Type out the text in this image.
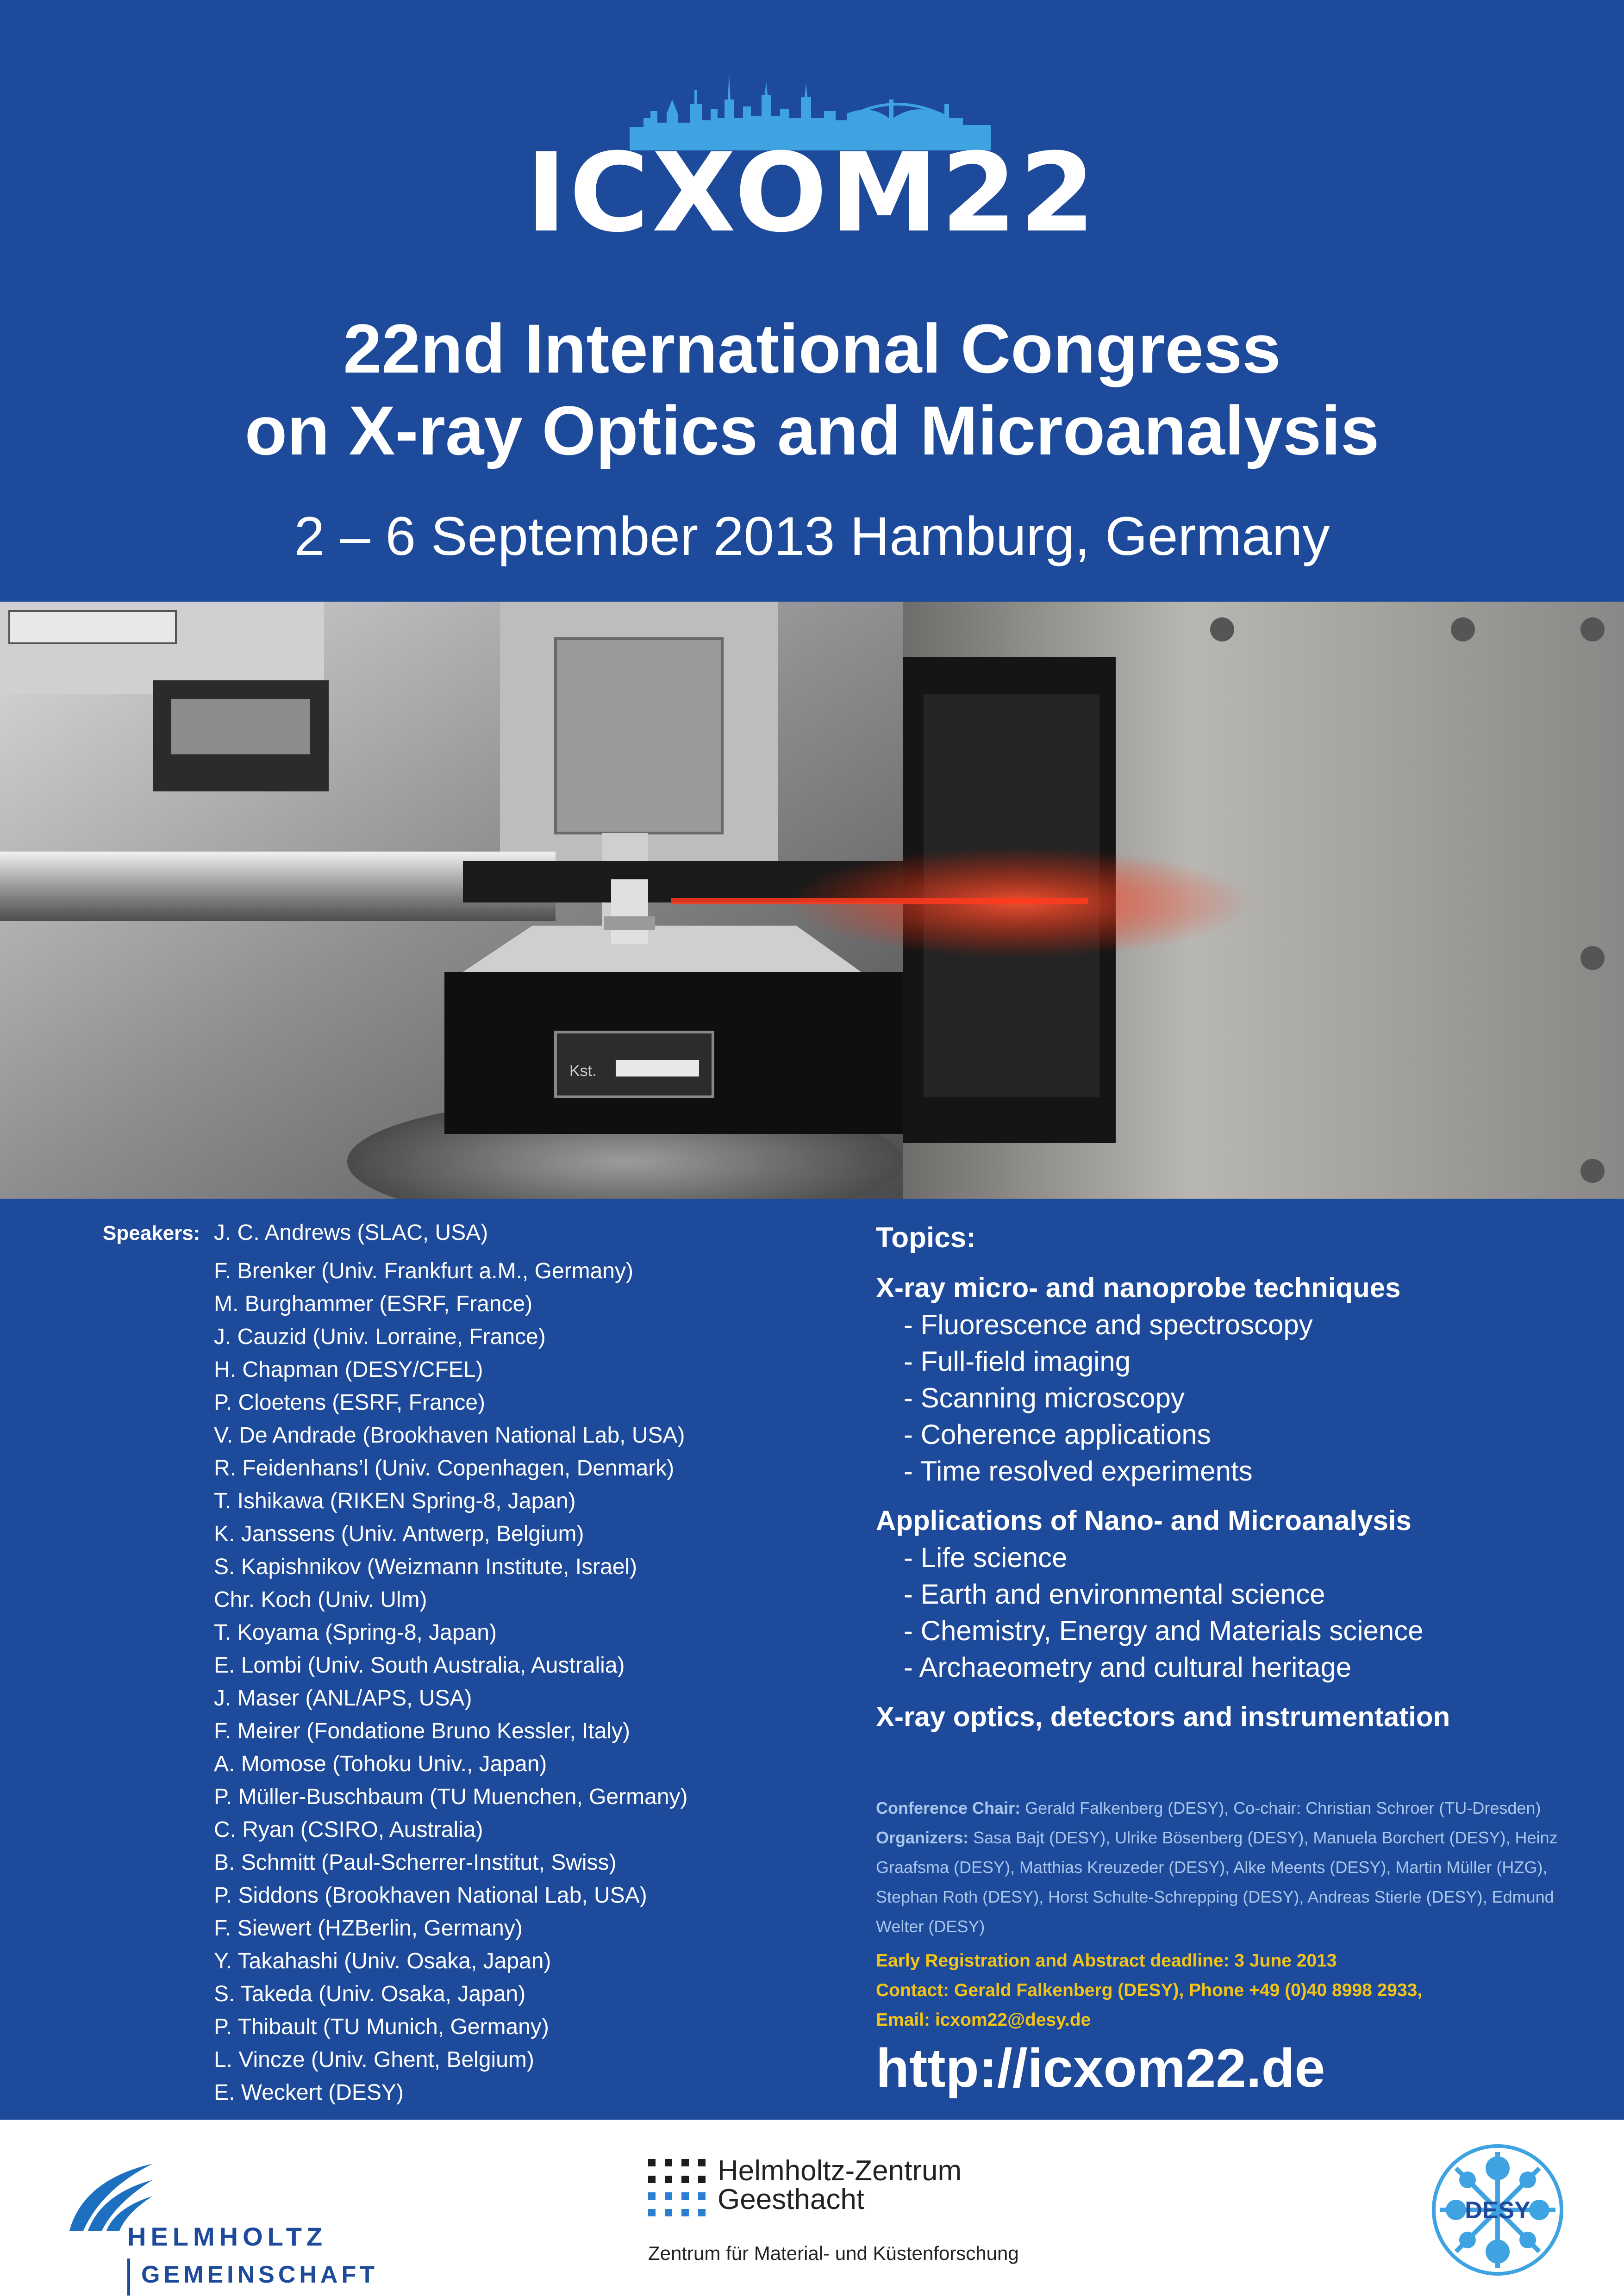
ICXOM22
22nd International Congress
on X-ray Optics and Microanalysis
2 – 6 September 2013 Hamburg, Germany
Kst.
Speakers: J. C. Andrews (SLAC, USA)
F. Brenker (Univ. Frankfurt a.M., Germany)
M. Burghammer (ESRF, France)
J. Cauzid (Univ. Lorraine, France)
H. Chapman (DESY/CFEL)
P. Cloetens (ESRF, France)
V. De Andrade (Brookhaven National Lab, USA)
R. Feidenhans’l (Univ. Copenhagen, Denmark)
T. Ishikawa (RIKEN Spring-8, Japan)
K. Janssens (Univ. Antwerp, Belgium)
S. Kapishnikov (Weizmann Institute, Israel)
Chr. Koch (Univ. Ulm)
T. Koyama (Spring-8, Japan)
E. Lombi (Univ. South Australia, Australia)
J. Maser (ANL/APS, USA)
F. Meirer (Fondatione Bruno Kessler, Italy)
A. Momose (Tohoku Univ., Japan)
P. Müller-Buschbaum (TU Muenchen, Germany)
C. Ryan (CSIRO, Australia)
B. Schmitt (Paul-Scherrer-Institut, Swiss)
P. Siddons (Brookhaven National Lab, USA)
F. Siewert (HZBerlin, Germany)
Y. Takahashi (Univ. Osaka, Japan)
S. Takeda (Univ. Osaka, Japan)
P. Thibault (TU Munich, Germany)
L. Vincze (Univ. Ghent, Belgium)
E. Weckert (DESY)
Topics:
X-ray micro- and nanoprobe techniques
- Fluorescence and spectroscopy
- Full-field imaging
- Scanning microscopy
- Coherence applications
- Time resolved experiments
Applications of Nano- and Microanalysis
- Life science
- Earth and environmental science
- Chemistry, Energy and Materials science
- Archaeometry and cultural heritage
X-ray optics, detectors and instrumentation
Conference Chair: Gerald Falkenberg (DESY), Co-chair: Christian Schroer (TU-Dresden)
Organizers: Sasa Bajt (DESY), Ulrike Bösenberg (DESY), Manuela Borchert (DESY), Heinz Graafsma (DESY), Matthias Kreuzeder (DESY), Alke Meents (DESY), Martin Müller (HZG), Stephan Roth (DESY), Horst Schulte-Schrepping (DESY), Andreas Stierle (DESY), Edmund Welter (DESY)
Early Registration and Abstract deadline: 3 June 2013
Contact: Gerald Falkenberg (DESY), Phone +49 (0)40 8998 2933,
Email: icxom22@desy.de
http://icxom22.de
HELMHOLTZ
GEMEINSCHAFT
Helmholtz-Zentrum
Geesthacht
Zentrum für Material- und Küstenforschung
DESY
